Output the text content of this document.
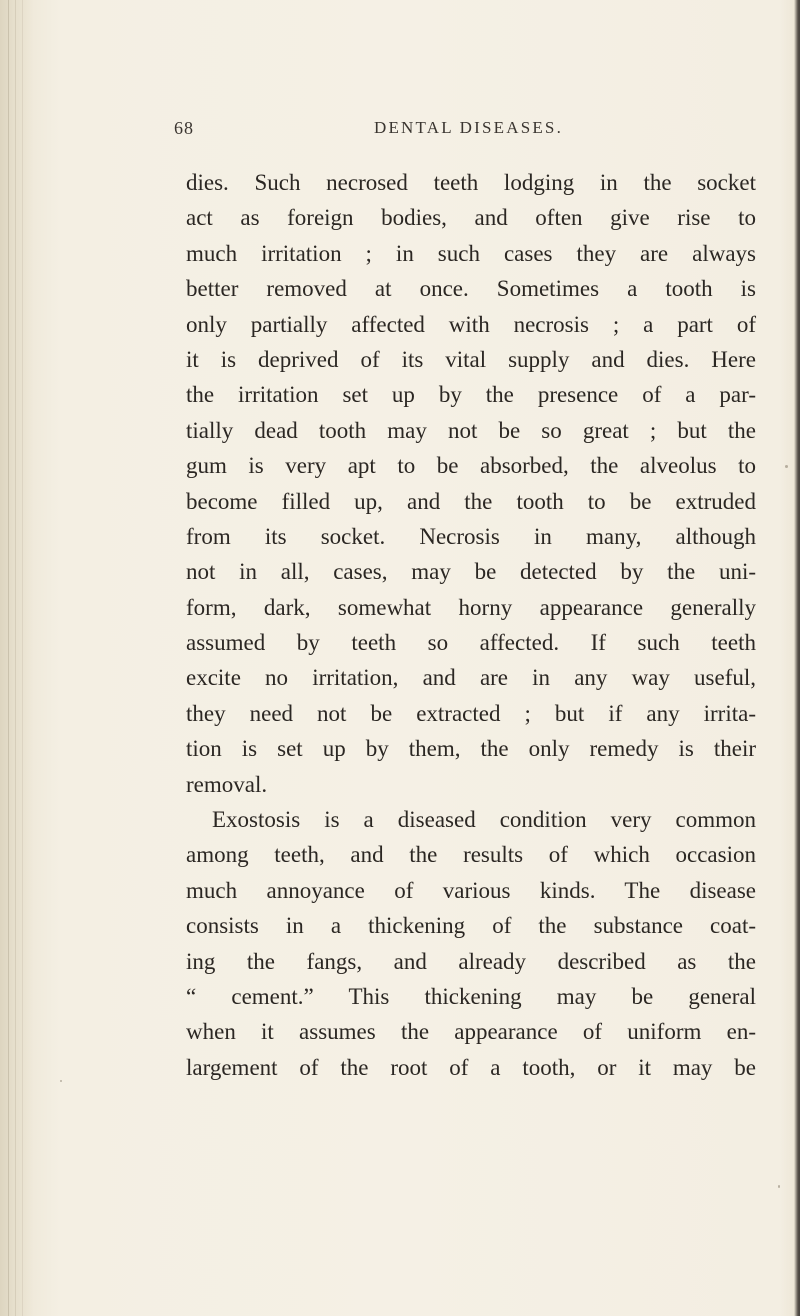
68	DENTAL DISEASES.
dies. Such necrosed teeth lodging in the socket
act as foreign bodies, and often give rise to
much irritation ; in such cases they are always
better removed at once. Sometimes a tooth is
only partially affected with necrosis ; a part of
it is deprived of its vital supply and dies. Here
the irritation set up by the presence of a par-
tially dead tooth may not be so great ; but the
gum is very apt to be absorbed, the alveolus to
become filled up, and the tooth to be extruded
from its socket. Necrosis in many, although
not in all, cases, may be detected by the uni-
form, dark, somewhat horny appearance generally
assumed by teeth so affected. If such teeth
excite no irritation, and are in any way useful,
they need not be extracted ; but if any irrita-
tion is set up by them, the only remedy is their
removal.
Exostosis is a diseased condition very common
among teeth, and the results of which occasion
much annoyance of various kinds. The disease
consists in a thickening of the substance coat-
ing the fangs, and already described as the
“ cement.” This thickening may be general
when it assumes the appearance of uniform en-
largement of the root of a tooth, or it may be
